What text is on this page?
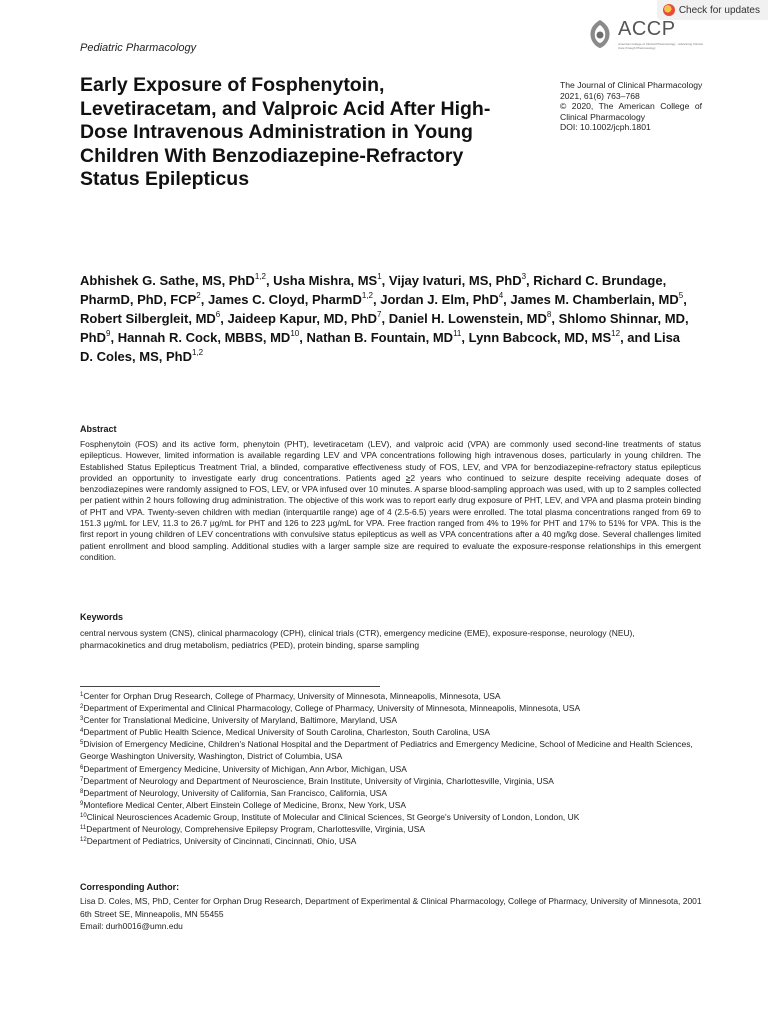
Check for updates
ACCP
American College of Clinical Pharmacology · Advancing Clinical Care through Pharmacology
Pediatric Pharmacology
Early Exposure of Fosphenytoin, Levetiracetam, and Valproic Acid After High-Dose Intravenous Administration in Young Children With Benzodiazepine-Refractory Status Epilepticus
The Journal of Clinical Pharmacology
2021, 61(6) 763–768
© 2020, The American College of Clinical Pharmacology
DOI: 10.1002/jcph.1801
Abhishek G. Sathe, MS, PhD$^{1,2}$, Usha Mishra, $MS^1$, Vijay Ivaturi, MS, PhD$^3$, Richard C. Brundage, PharmD, PhD, FCP$^2$, James C. Cloyd, PharmD$^{1,2}$, Jordan J. Elm, PhD$^4$, James M. Chamberlain, $MD^5$, Robert Silbergleit, $MD^6$, Jaideep Kapur, MD, PhD$^7$, Daniel H. Lowenstein, $MD^8$, Shlomo Shinnar, MD, PhD$^9$, Hannah R. Cock, MBBS, MD$^{10}$, Nathan B. Fountain, MD$^{11}$, Lynn Babcock, MD, MS$^{12}$, and Lisa D. Coles, MS, PhD$^{1,2}$
Abstract
Fosphenytoin (FOS) and its active form, phenytoin (PHT), levetiracetam (LEV), and valproic acid (VPA) are commonly used second-line treatments of status epilepticus. However, limited information is available regarding LEV and VPA concentrations following high intravenous doses, particularly in young children. The Established Status Epilepticus Treatment Trial, a blinded, comparative effectiveness study of FOS, LEV, and VPA for benzodiazepine-refractory status epilepticus provided an opportunity to investigate early drug concentrations. Patients aged ≥2 years who continued to seizure despite receiving adequate doses of benzodiazepines were randomly assigned to FOS, LEV, or VPA infused over 10 minutes. A sparse blood-sampling approach was used, with up to 2 samples collected per patient within 2 hours following drug administration. The objective of this work was to report early drug exposure of PHT, LEV, and VPA and plasma protein binding of PHT and VPA. Twenty-seven children with median (interquartile range) age of 4 (2.5-6.5) years were enrolled. The total plasma concentrations ranged from 69 to 151.3 μg/mL for LEV, 11.3 to 26.7 μg/mL for PHT and 126 to 223 μg/mL for VPA. Free fraction ranged from 4% to 19% for PHT and 17% to 51% for VPA. This is the first report in young children of LEV concentrations with convulsive status epilepticus as well as VPA concentrations after a 40 mg/kg dose. Several challenges limited patient enrollment and blood sampling. Additional studies with a larger sample size are required to evaluate the exposure-response relationships in this emergent condition.
Keywords
central nervous system (CNS), clinical pharmacology (CPH), clinical trials (CTR), emergency medicine (EME), exposure-response, neurology (NEU), pharmacokinetics and drug metabolism, pediatrics (PED), protein binding, sparse sampling
$^1$Center for Orphan Drug Research, College of Pharmacy, University of Minnesota, Minneapolis, Minnesota, USA
$^2$Department of Experimental and Clinical Pharmacology, College of Pharmacy, University of Minnesota, Minneapolis, Minnesota, USA
$^3$Center for Translational Medicine, University of Maryland, Baltimore, Maryland, USA
$^4$Department of Public Health Science, Medical University of South Carolina, Charleston, South Carolina, USA
$^5$Division of Emergency Medicine, Children's National Hospital and the Department of Pediatrics and Emergency Medicine, School of Medicine and Health Sciences, George Washington University, Washington, District of Columbia, USA
$^6$Department of Emergency Medicine, University of Michigan, Ann Arbor, Michigan, USA
$^7$Department of Neurology and Department of Neuroscience, Brain Institute, University of Virginia, Charlottesville, Virginia, USA
$^8$Department of Neurology, University of California, San Francisco, California, USA
$^9$Montefiore Medical Center, Albert Einstein College of Medicine, Bronx, New York, USA
$^{10}$Clinical Neurosciences Academic Group, Institute of Molecular and Clinical Sciences, St George's University of London, London, UK
$^{11}$Department of Neurology, Comprehensive Epilepsy Program, Charlottesville, Virginia, USA
$^{12}$Department of Pediatrics, University of Cincinnati, Cincinnati, Ohio, USA
Corresponding Author:
Lisa D. Coles, MS, PhD, Center for Orphan Drug Research, Department of Experimental & Clinical Pharmacology, College of Pharmacy, University of Minnesota, 2001 6th Street SE, Minneapolis, MN 55455
Email: durh0016@umn.edu
